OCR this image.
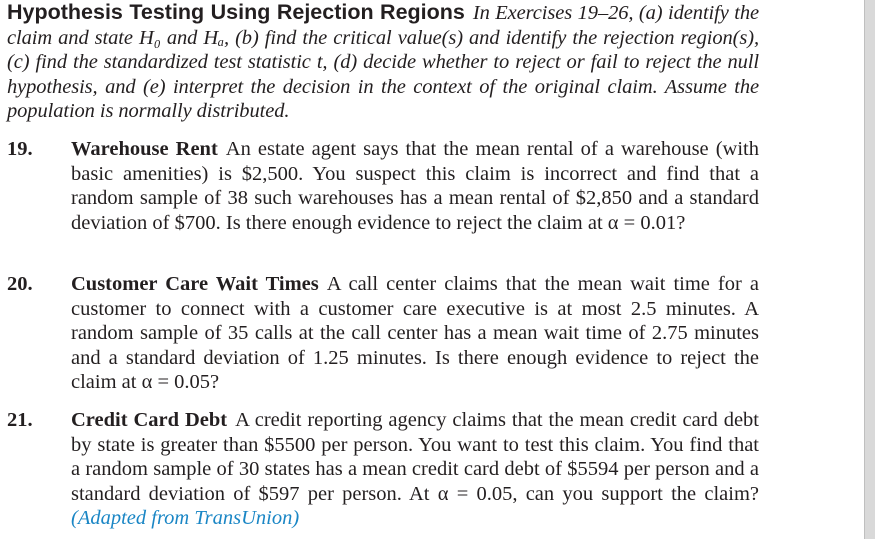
Hypothesis Testing Using Rejection Regions In Exercises 19–26, (a) identify the claim and state H₀ and Hₐ, (b) find the critical value(s) and identify the rejection region(s), (c) find the standardized test statistic t, (d) decide whether to reject or fail to reject the null hypothesis, and (e) interpret the decision in the context of the original claim. Assume the population is normally distributed.

19. Warehouse Rent An estate agent says that the mean rental of a warehouse (with basic amenities) is $2,500. You suspect this claim is incorrect and find that a random sample of 38 such warehouses has a mean rental of $2,850 and a standard deviation of $700. Is there enough evidence to reject the claim at α = 0.01?
20. Customer Care Wait Times A call center claims that the mean wait time for a customer to connect with a customer care executive is at most 2.5 minutes. A random sample of 35 calls at the call center has a mean wait time of 2.75 minutes and a standard deviation of 1.25 minutes. Is there enough evidence to reject the claim at α = 0.05?
21. Credit Card Debt A credit reporting agency claims that the mean credit card debt by state is greater than $5500 per person. You want to test this claim. You find that a random sample of 30 states has a mean credit card debt of $5594 per person and a standard deviation of $597 per person. At α = 0.05, can you support the claim? (Adapted from TransUnion)
